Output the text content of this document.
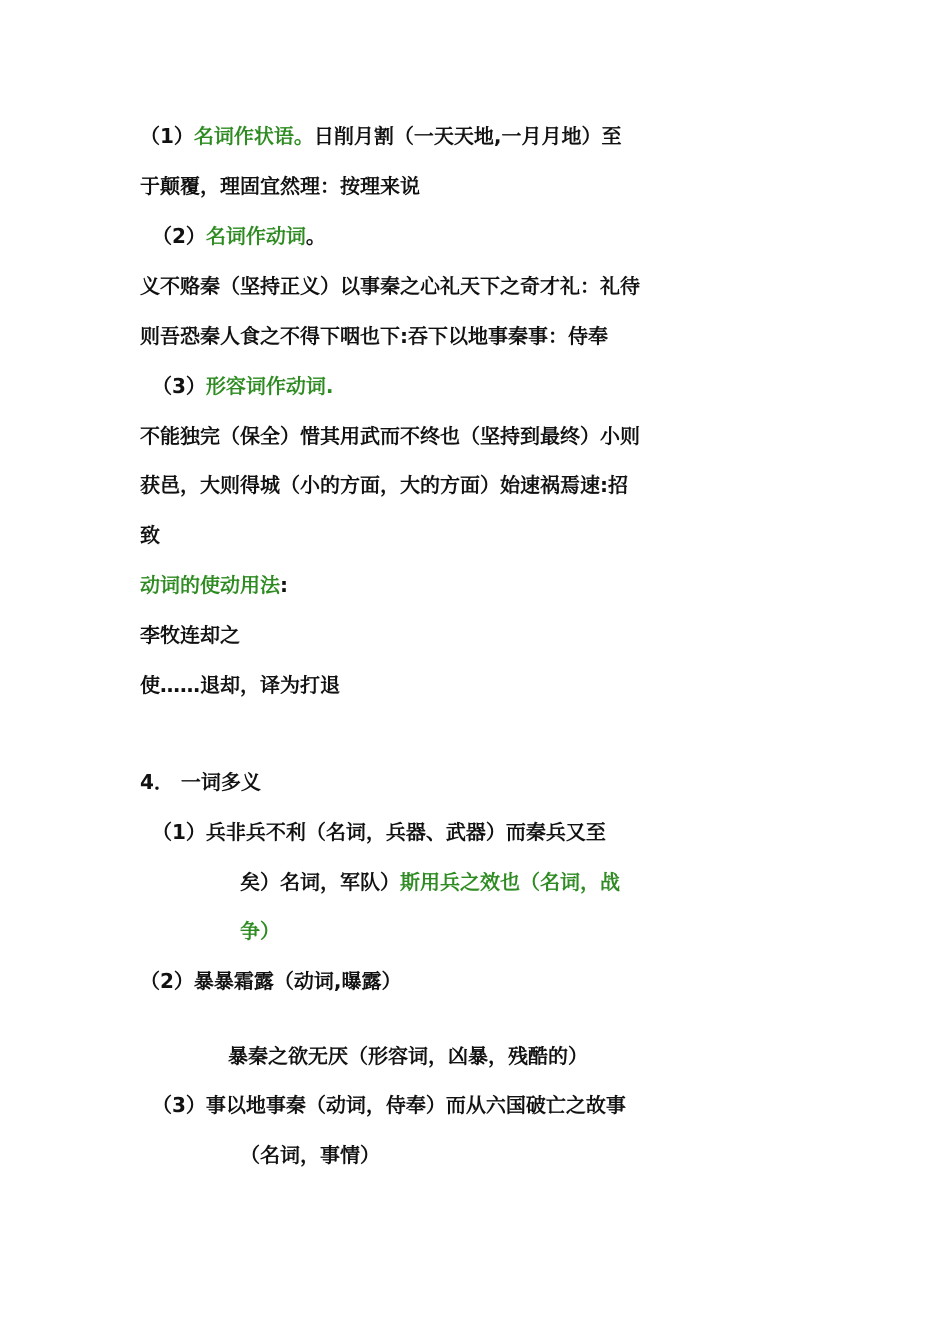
（1）名词作状语。日削月割（一天天地,一月月地）至
于颠覆，理固宜然理：按理来说
（2）名词作动词。
义不赂秦（坚持正义）以事秦之心礼天下之奇才礼：礼待
则吾恐秦人食之不得下咽也下:吞下以地事秦事：侍奉
（3）形容词作动词.
不能独完（保全）惜其用武而不终也（坚持到最终）小则
获邑，大则得城（小的方面，大的方面）始速祸焉速:招
致
动词的使动用法:
李牧连却之
使……退却，译为打退
4． 一词多义
（1）兵非兵不利（名词，兵器、武器）而秦兵又至
矣）名词，军队）斯用兵之效也（名词，战
争）
（2）暴暴霜露（动词,曝露）
暴秦之欲无厌（形容词，凶暴，残酷的）
（3）事以地事秦（动词，侍奉）而从六国破亡之故事
（名词，事情）
